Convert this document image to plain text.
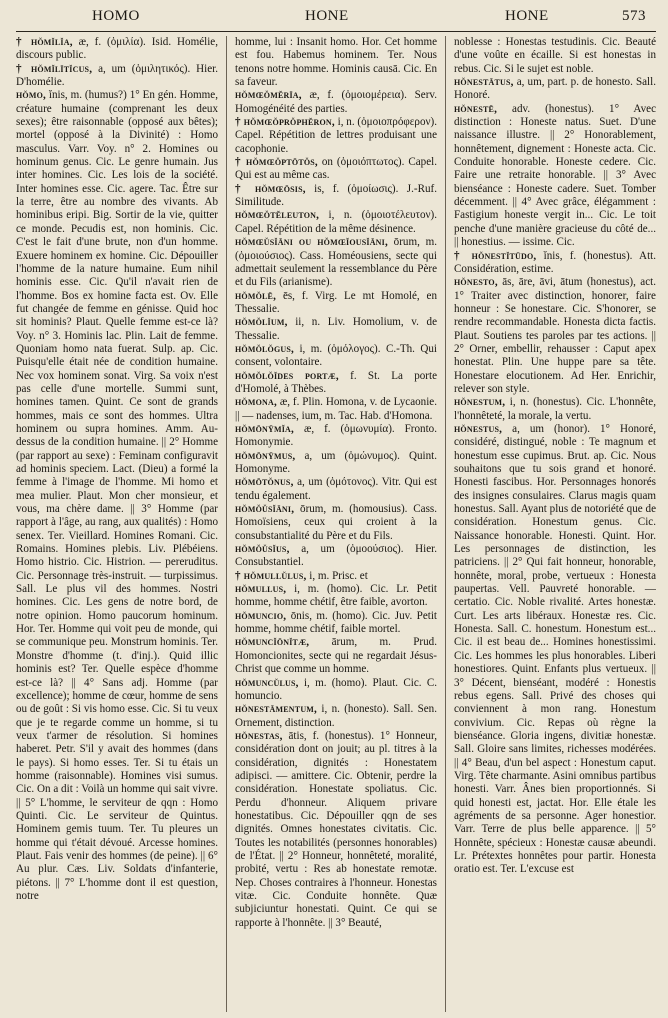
HOMO	HONE	HONE	573

† hŏmĭlĭa, æ, f. (ὁμιλία). Isid. Homélie, discours public.

† hŏmĭlītĭcus, a, um (ὁμιλητικός). Hier. D'homélie.

hŏmo, ĭnis, m. (humus?) 1° En gén. Homme, créature humaine (comprenant les deux sexes); être raisonnable (opposé aux bêtes); mortel (opposé à la Divinité) : Homo masculus. Varr. Voy. n° 2. Homines ou hominum genus. Cic. Le genre humain. Jus inter homines. Cic. Les lois de la société. Inter homines esse. Cic. agere. Tac. Être sur la terre, être au nombre des vivants. Ab hominibus eripi. Big. Sortir de la vie, quitter ce monde. Pecudis est, non hominis. Cic. C'est le fait d'une brute, non d'un homme. Exuere hominem ex homine. Cic. Dépouiller l'homme de la nature humaine. Eum nihil hominis esse. Cic. Qu'il n'avait rien de l'homme. Bos ex homine facta est. Ov. Elle fut changée de femme en génisse. Quid hoc sit hominis? Plaut. Quelle femme est-ce là? Voy. n° 3. Hominis lac. Plin. Lait de femme. Quoniam homo nata fuerat. Sulp. ap. Cic. Puisqu'elle était née de condition humaine. Nec vox hominem sonat. Virg. Sa voix n'est pas celle d'une mortelle. Summi sunt, homines tamen. Quint. Ce sont de grands hommes, mais ce sont des hommes. Ultra hominem ou supra homines. Amm. Au-dessus de la condition humaine. || 2° Homme (par rapport au sexe) : Feminam configuravit ad hominis speciem. Lact. (Dieu) a formé la femme à l'image de l'homme. Mi homo et mea mulier. Plaut. Mon cher monsieur, et vous, ma chère dame. || 3° Homme (par rapport à l'âge, au rang, aux qualités) : Homo senex. Ter. Vieillard. Homines Romani. Cic. Romains. Homines plebis. Liv. Plébéiens. Homo histrio. Cic. Histrion. — pereruditus. Cic. Personnage très-instruit. — turpissimus. Sall. Le plus vil des hommes. Nostri homines. Cic. Les gens de notre bord, de notre opinion. Homo paucorum hominum. Hor. Ter. Homme qui voit peu de monde, qui se communique peu. Monstrum hominis. Ter. Monstre d'homme (t. d'inj.). Quid illic hominis est? Ter. Quelle espèce d'homme est-ce là? || 4° Sans adj. Homme (par excellence); homme de cœur, homme de sens ou de goût : Si vis homo esse. Cic. Si tu veux que je te regarde comme un homme, si tu veux t'armer de résolution. Si homines haberet. Petr. S'il y avait des hommes (dans le pays). Si homo esses. Ter. Si tu étais un homme (raisonnable). Homines visi sumus. Cic. On a dit : Voilà un homme qui sait vivre. || 5° L'homme, le serviteur de qqn : Homo Quinti. Cic. Le serviteur de Quintus. Hominem gemis tuum. Ter. Tu pleures un homme qui t'était dévoué. Arcesse homines. Plaut. Fais venir des hommes (de peine). || 6° Au plur. Cæs. Liv. Soldats d'infanterie, piétons. || 7° L'homme dont il est question, notre

homme, lui : Insanit homo. Hor. Cet homme est fou. Habemus hominem. Ter. Nous tenons notre homme. Hominis causā. Cic. En sa faveur.

hŏmœŏmĕrīa, æ, f. (ὁμοιομέρεια). Serv. Homogénéité des parties.

† hŏmœŏprŏphĕron, i, n. (ὁμοιοπρόφερον). Capel. Répétition de lettres produisant une cacophonie.

† hŏmœŏptōtŏs, on (ὁμοιόπτωτος). Capel. Qui est au même cas.

† hŏmœōsis, is, f. (ὁμοίωσις). J.-Ruf. Similitude.

hŏmœŏtĕleuton, i, n. (ὁμοιοτέλευτον). Capel. Répétition de la même désinence.

hŏmœŭsĭāni ou hŏmœĭousĭāni, ōrum, m. (ὁμοιούσιος). Cass. Homéousiens, secte qui admettait seulement la ressemblance du Père et du Fils (arianisme).

hŏmŏlē, ēs, f. Virg. Le mt Homolé, en Thessalie.

hŏmŏlĭum, ii, n. Liv. Homolium, v. de Thessalie.

hŏmŏlŏgus, i, m. (ὁμόλογος). C.-Th. Qui consent, volontaire.

hŏmŏlŏĭdes portæ, f. St. La porte d'Homolé, à Thèbes.

hŏmona, æ, f. Plin. Homona, v. de Lycaonie. || — nadenses, ium, m. Tac. Hab. d'Homona.

hŏmōnȳmĭa, æ, f. (ὁμωνυμία). Fronto. Homonymie.

hŏmōnȳmus, a, um (ὁμώνυμος). Quint. Homonyme.

hŏmōtŏnus, a, um (ὁμότονος). Vitr. Qui est tendu également.

hŏmŏŭsĭāni, ōrum, m. (homousius). Cass. Homoïsiens, ceux qui croient à la consubstantialité du Père et du Fils.

hŏmŏŭsĭus, a, um (ὁμοούσιος). Hier. Consubstantiel.

† hŏmullŭlus, i, m. Prisc. et

hŏmullus, i, m. (homo). Cic. Lr. Petit homme, homme chétif, être faible, avorton.

hŏmuncio, ōnis, m. (homo). Cic. Juv. Petit homme, homme chétif, faible mortel.

hŏmuncĭōnĭtæ, ārum, m. Prud. Homoncionites, secte qui ne regardait Jésus-Christ que comme un homme.

hŏmuncŭlus, i, m. (homo). Plaut. Cic. C. homuncio.

hŏnestāmentum, i, n. (honesto). Sall. Sen. Ornement, distinction.

hŏnestas, ātis, f. (honestus). 1° Honneur, considération dont on jouit; au pl. titres à la considération, dignités : Honestatem adipisci. — amittere. Cic. Obtenir, perdre la considération. Honestate spoliatus. Cic. Perdu d'honneur. Aliquem privare honestatibus. Cic. Dépouiller qqn de ses dignités. Omnes honestates civitatis. Cic. Toutes les notabilités (personnes honorables) de l'État. || 2° Honneur, honnêteté, moralité, probité, vertu : Res ab honestate remotæ. Nep. Choses contraires à l'honneur. Honestas vitæ. Cic. Conduite honnête. Quæ subjiciuntur honestati. Quint. Ce qui se rapporte à l'honnête. || 3° Beauté,

noblesse : Honestas testudinis. Cic. Beauté d'une voûte en écaille. Si est honestas in rebus. Cic. Si le sujet est noble.

hŏnestātus, a, um, part. p. de honesto. Sall. Honoré.

hŏnestē, adv. (honestus). 1° Avec distinction : Honeste natus. Suet. D'une naissance illustre. || 2° Honorablement, honnêtement, dignement : Honeste acta. Cic. Conduite honorable. Honeste cedere. Cic. Faire une retraite honorable. || 3° Avec bienséance : Honeste cadere. Suet. Tomber décemment. || 4° Avec grâce, élégamment : Fastigium honeste vergit in... Cic. Le toit penche d'une manière gracieuse du côté de... || honestius. — issime. Cic.

† hŏnestĭtūdo, ĭnis, f. (honestus). Att. Considération, estime.

hŏnesto, ās, āre, āvi, ātum (honestus), act. 1° Traiter avec distinction, honorer, faire honneur : Se honestare. Cic. S'honorer, se rendre recommandable. Honesta dicta factis. Plaut. Soutiens tes paroles par tes actions. || 2° Orner, embellir, rehausser : Caput apex honestat. Plin. Une huppe pare sa tête. Honestare elocutionem. Ad Her. Enrichir, relever son style.

hŏnestum, i, n. (honestus). Cic. L'honnête, l'honnêteté, la morale, la vertu.

hŏnestus, a, um (honor). 1° Honoré, considéré, distingué, noble : Te magnum et honestum esse cupimus. Brut. ap. Cic. Nous souhaitons que tu sois grand et honoré. Honesti fascibus. Hor. Personnages honorés des insignes consulaires. Clarus magis quam honestus. Sall. Ayant plus de notoriété que de considération. Honestum genus. Cic. Naissance honorable. Honesti. Quint. Hor. Les personnages de distinction, les patriciens. || 2° Qui fait honneur, honorable, honnête, moral, probe, vertueux : Honesta paupertas. Vell. Pauvreté honorable. — certatio. Cic. Noble rivalité. Artes honestæ. Curt. Les arts libéraux. Honestæ res. Cic. Honesta. Sall. C. honestum. Honestum est... Cic. il est beau de... Homines honestissimi. Cic. Les hommes les plus honorables. Liberi honestiores. Quint. Enfants plus vertueux. || 3° Décent, bienséant, modéré : Honestis rebus egens. Sall. Privé des choses qui conviennent à mon rang. Honestum convivium. Cic. Repas où règne la bienséance. Gloria ingens, divitiæ honestæ. Sall. Gloire sans limites, richesses modérées. || 4° Beau, d'un bel aspect : Honestum caput. Virg. Tête charmante. Asini omnibus partibus honesti. Varr. Ânes bien proportionnés. Si quid honesti est, jactat. Hor. Elle étale les agréments de sa personne. Ager honestior. Varr. Terre de plus belle apparence. || 5° Honnête, spécieux : Honestæ causæ abeundi. Lr. Prétextes honnêtes pour partir. Honesta oratio est. Ter. L'excuse est
